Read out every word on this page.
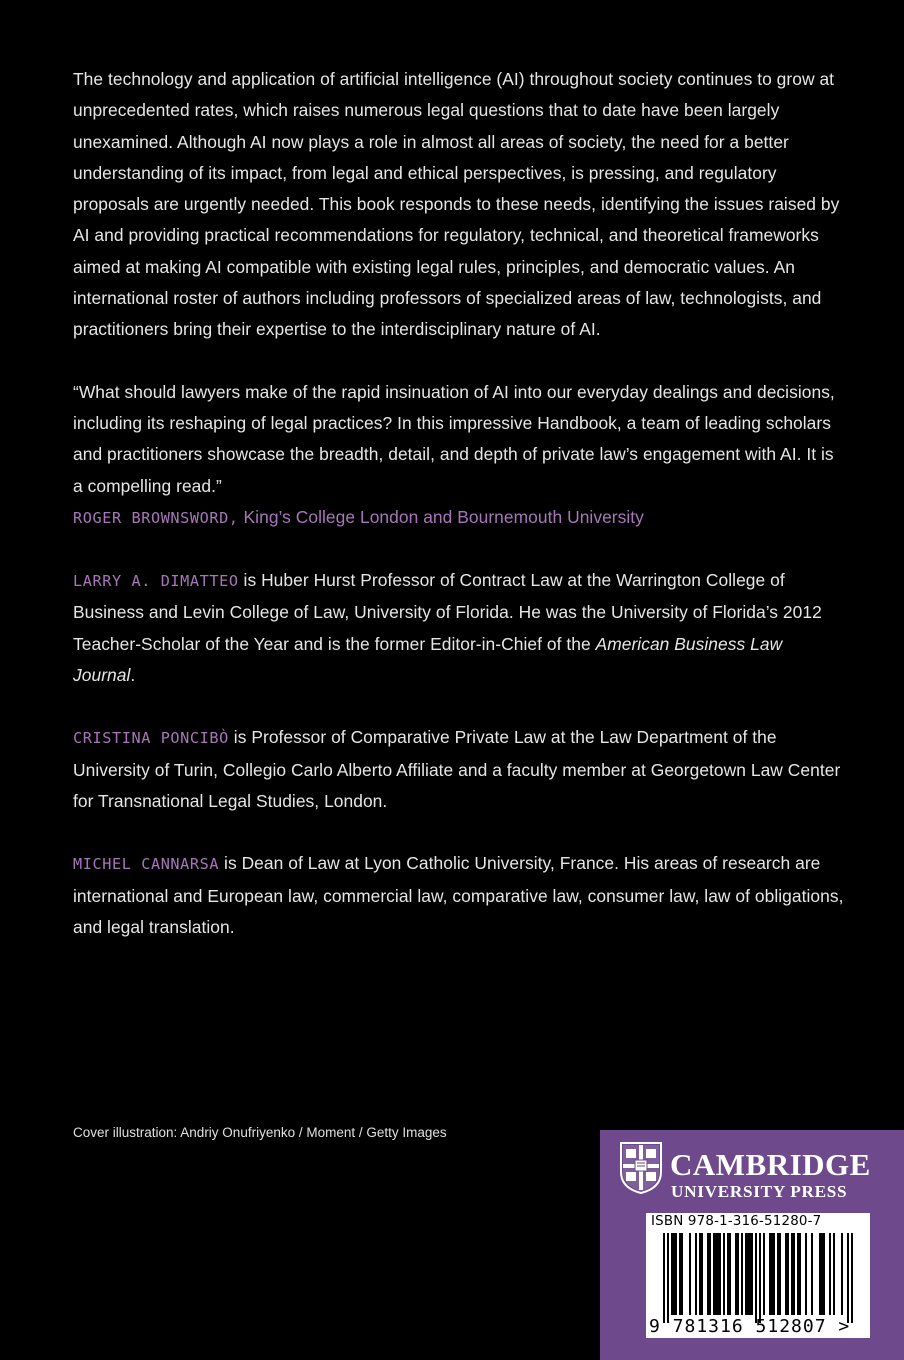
The technology and application of artificial intelligence (AI) throughout society continues to grow at unprecedented rates, which raises numerous legal questions that to date have been largely unexamined. Although AI now plays a role in almost all areas of society, the need for a better understanding of its impact, from legal and ethical perspectives, is pressing, and regulatory proposals are urgently needed. This book responds to these needs, identifying the issues raised by AI and providing practical recommendations for regulatory, technical, and theoretical frameworks aimed at making AI compatible with existing legal rules, principles, and democratic values. An international roster of authors including professors of specialized areas of law, technologists, and practitioners bring their expertise to the interdisciplinary nature of AI.

“What should lawyers make of the rapid insinuation of AI into our everyday dealings and decisions, including its reshaping of legal practices? In this impressive Handbook, a team of leading scholars and practitioners showcase the breadth, detail, and depth of private law’s engagement with AI. It is a compelling read.”

ROGER BROWNSWORD, King’s College London and Bournemouth University

LARRY A. DIMATTEO is Huber Hurst Professor of Contract Law at the Warrington College of Business and Levin College of Law, University of Florida. He was the University of Florida’s 2012 Teacher-Scholar of the Year and is the former Editor-in-Chief of the American Business Law Journal.

CRISTINA PONCIBÒ is Professor of Comparative Private Law at the Law Department of the University of Turin, Collegio Carlo Alberto Affiliate and a faculty member at Georgetown Law Center for Transnational Legal Studies, London.

MICHEL CANNARSA is Dean of Law at Lyon Catholic University, France. His areas of research are international and European law, commercial law, comparative law, consumer law, law of obligations, and legal translation.

Cover illustration: Andriy Onufriyenko / Moment / Getty Images
CAMBRIDGE
UNIVERSITY PRESS
ISBN 978-1-316-51280-7
9 781316 512807 >
